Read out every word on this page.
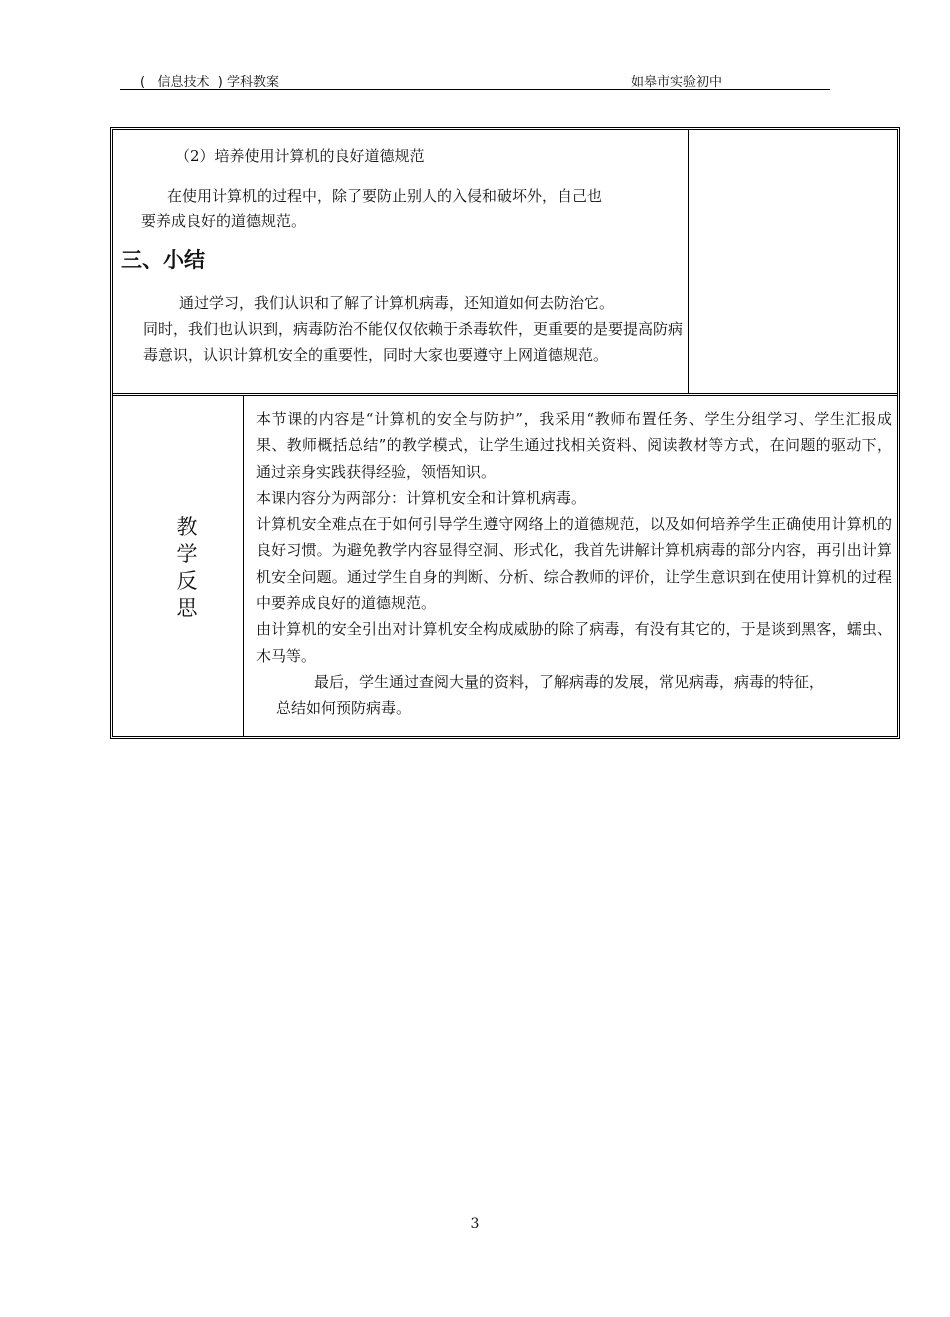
(   信息技术  ) 学科教案	如皋市实验初中
（2）培养使用计算机的良好道德规范
在使用计算机的过程中，除了要防止别人的入侵和破坏外，自己也
要养成良好的道德规范。
三、小结
通过学习，我们认识和了解了计算机病毒，还知道如何去防治它。
同时，我们也认识到，病毒防治不能仅仅依赖于杀毒软件，更重要的是要提高防病毒意识，认识计算机安全的重要性，同时大家也要遵守上网道德规范。
教学反思

本节课的内容是“计算机的安全与防护”，我采用“教师布置任务、学生分组学习、学生汇报成果、教师概括总结”的教学模式，让学生通过找相关资料、阅读教材等方式，在问题的驱动下，通过亲身实践获得经验，领悟知识。

本课内容分为两部分：计算机安全和计算机病毒。

计算机安全难点在于如何引导学生遵守网络上的道德规范，以及如何培养学生正确使用计算机的良好习惯。为避免教学内容显得空洞、形式化，我首先讲解计算机病毒的部分内容，再引出计算机安全问题。通过学生自身的判断、分析、综合教师的评价，让学生意识到在使用计算机的过程中要养成良好的道德规范。

由计算机的安全引出对计算机安全构成威胁的除了病毒，有没有其它的，于是谈到黑客，蠕虫、木马等。

最后，学生通过查阅大量的资料，了解病毒的发展，常见病毒，病毒的特征，

总结如何预防病毒。

3
